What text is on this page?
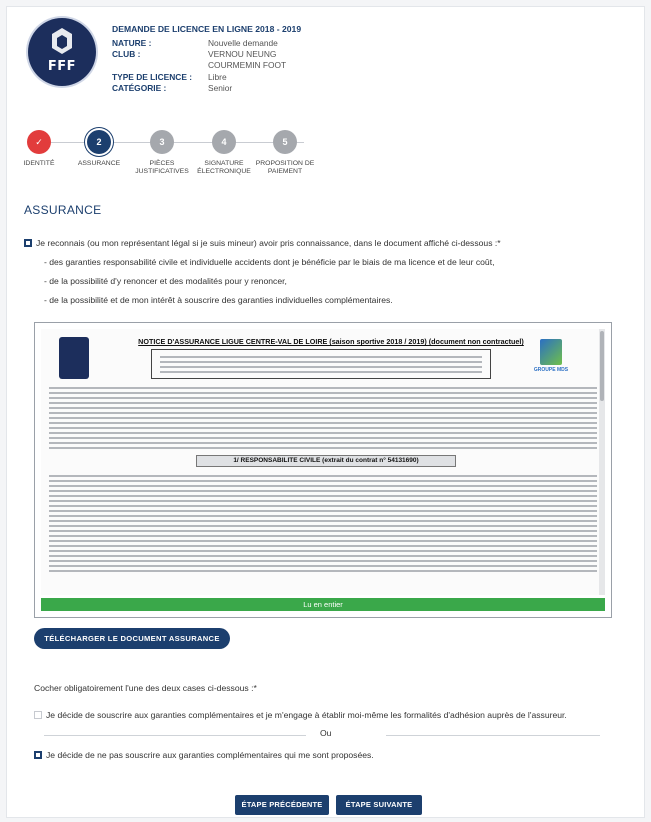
FFF
DEMANDE DE LICENCE EN LIGNE 2018 - 2019
NATURE :	Nouvelle demande
CLUB :	VERNOU NEUNG
COURMEMIN FOOT
TYPE DE LICENCE :	Libre
CATÉGORIE :	Senior
✓
IDENTITÉ
2
ASSURANCE
3
PIÈCES JUSTIFICATIVES
4
SIGNATURE ÉLECTRONIQUE
5
PROPOSITION DE PAIEMENT
ASSURANCE
Je reconnais (ou mon représentant légal si je suis mineur) avoir pris connaissance, dans le document affiché ci-dessous :*
- des garanties responsabilité civile et individuelle accidents dont je bénéficie par le biais de ma licence et de leur coût,
- de la possibilité d'y renoncer et des modalités pour y renoncer,
- de la possibilité et de mon intérêt à souscrire des garanties individuelles complémentaires.
NOTICE D'ASSURANCE LIGUE CENTRE-VAL DE LOIRE (saison sportive 2018 / 2019) (document non contractuel)
GROUPE MDS
1/ RESPONSABILITE CIVILE (extrait du contrat n° 54131690)
Lu en entier
TÉLÉCHARGER LE DOCUMENT ASSURANCE
Cocher obligatoirement l'une des deux cases ci-dessous :*
Je décide de souscrire aux garanties complémentaires et je m'engage à établir moi-même les formalités d'adhésion auprès de l'assureur.
Ou
Je décide de ne pas souscrire aux garanties complémentaires qui me sont proposées.
ÉTAPE PRÉCÉDENTE	ÉTAPE SUIVANTE
